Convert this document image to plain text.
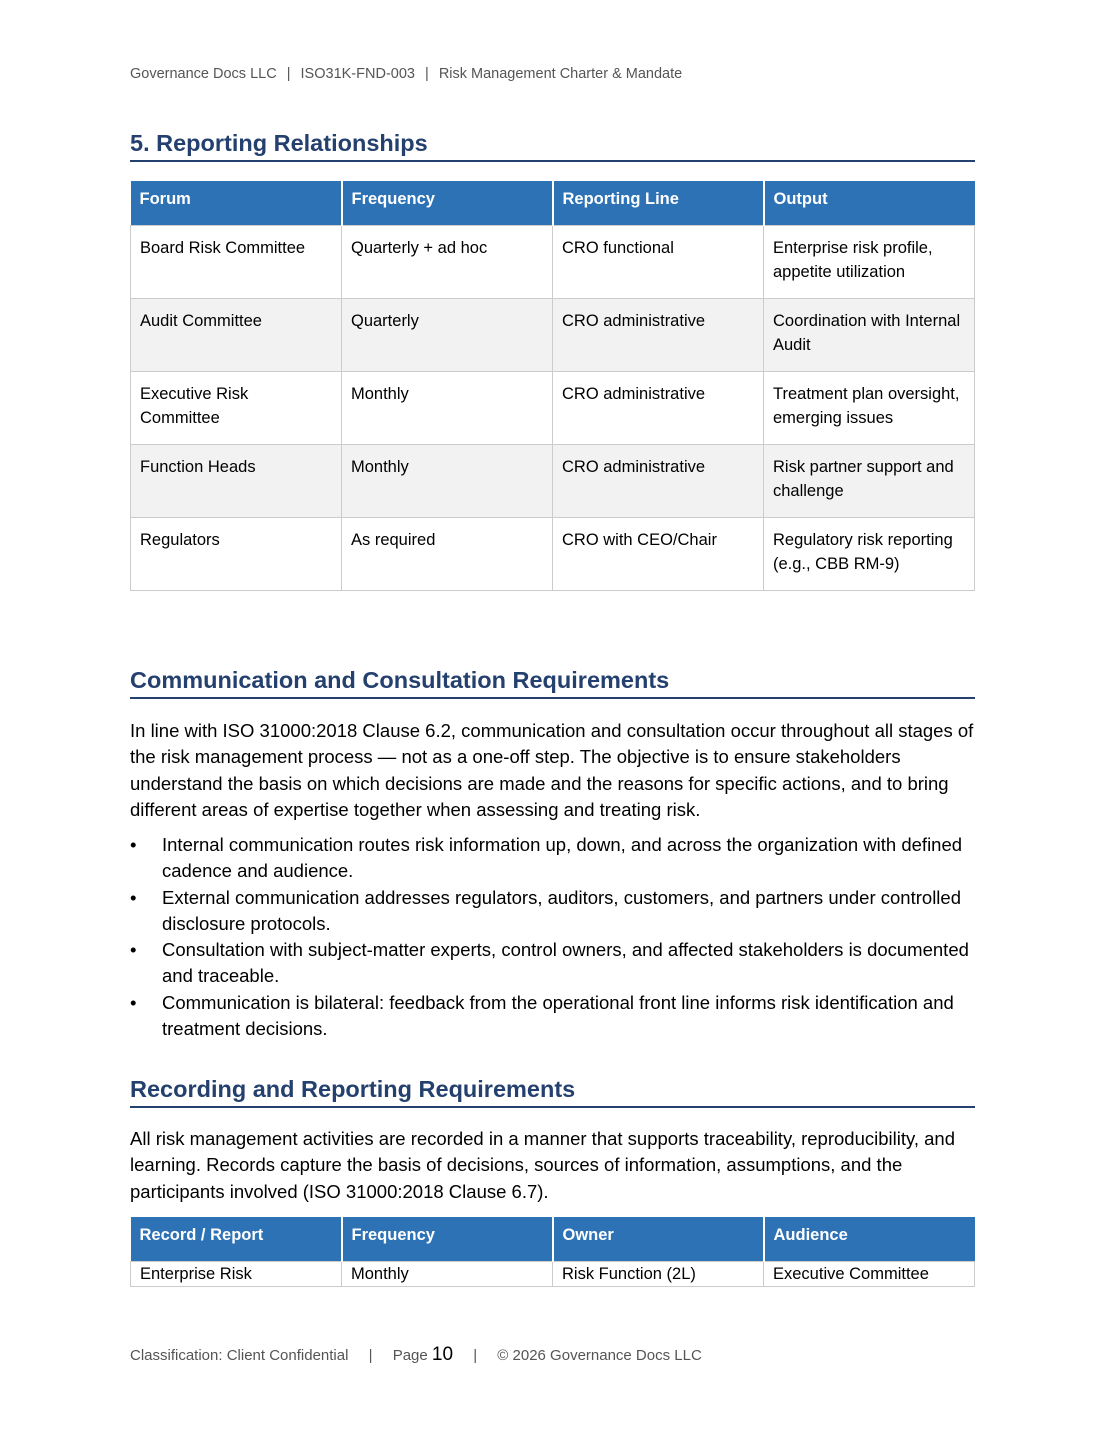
Governance Docs LLC | ISO31K-FND-003 | Risk Management Charter & Mandate
5. Reporting Relationships
Forum	Frequency	Reporting Line	Output
Board Risk Committee	Quarterly + ad hoc	CRO functional	Enterprise risk profile, appetite utilization
Audit Committee	Quarterly	CRO administrative	Coordination with Internal Audit
Executive Risk Committee	Monthly	CRO administrative	Treatment plan oversight, emerging issues
Function Heads	Monthly	CRO administrative	Risk partner support and challenge
Regulators	As required	CRO with CEO/Chair	Regulatory risk reporting (e.g., CBB RM-9)
Communication and Consultation Requirements

In line with ISO 31000:2018 Clause 6.2, communication and consultation occur throughout all stages of the risk management process — not as a one-off step. The objective is to ensure stakeholders understand the basis on which decisions are made and the reasons for specific actions, and to bring different areas of expertise together when assessing and treating risk.

• Internal communication routes risk information up, down, and across the organization with defined cadence and audience.
• External communication addresses regulators, auditors, customers, and partners under controlled disclosure protocols.
• Consultation with subject-matter experts, control owners, and affected stakeholders is documented and traceable.
• Communication is bilateral: feedback from the operational front line informs risk identification and treatment decisions.
Recording and Reporting Requirements

All risk management activities are recorded in a manner that supports traceability, reproducibility, and learning. Records capture the basis of decisions, sources of information, assumptions, and the participants involved (ISO 31000:2018 Clause 6.7).

Record / Report	Frequency	Owner	Audience
Enterprise Risk	Monthly	Risk Function (2L)	Executive Committee
Classification: Client Confidential | Page 10 | © 2026 Governance Docs LLC
